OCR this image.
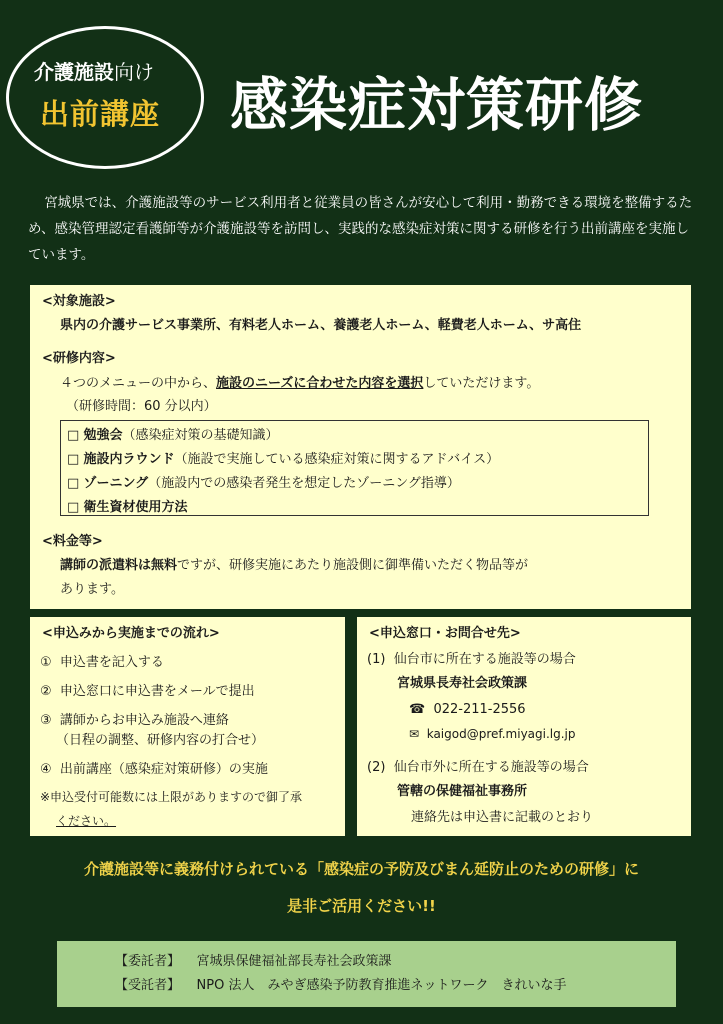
介護施設向け
出前講座 感染症対策研修
宮城県では、介護施設等のサービス利用者と従業員の皆さんが安心して利用・勤務できる環境を整備するため、感染管理認定看護師等が介護施設等を訪問し、実践的な感染症対策に関する研修を行う出前講座を実施しています。
<対象施設>
県内の介護サービス事業所、有料老人ホーム、養護老人ホーム、軽費老人ホーム、サ高住
<研修内容>
４つのメニューの中から、施設のニーズに合わせた内容を選択していただけます。
（研修時間：60 分以内）
□ 勉強会（感染症対策の基礎知識）
□ 施設内ラウンド（施設で実施している感染症対策に関するアドバイス）
□ ゾーニング（施設内での感染者発生を想定したゾーニング指導）
□ 衛生資材使用方法
<料金等>
講師の派遣料は無料ですが、研修実施にあたり施設側に御準備いただく物品等が
あります。
<申込みから実施までの流れ>
① 申込書を記入する
② 申込窓口に申込書をメールで提出
③ 講師からお申込み施設へ連絡
（日程の調整、研修内容の打合せ）
④ 出前講座（感染症対策研修）の実施
※申込受付可能数には上限がありますので御了承
ください。
<申込窓口・お問合せ先>
(1) 仙台市に所在する施設等の場合
宮城県長寿社会政策課
☎ 022-211-2556
✉ kaigod@pref.miyagi.lg.jp
(2) 仙台市外に所在する施設等の場合
管轄の保健福祉事務所
連絡先は申込書に記載のとおり
介護施設等に義務付けられている「感染症の予防及びまん延防止のための研修」に
是非ご活用ください!!
【委託者】 宮城県保健福祉部長寿社会政策課
【受託者】 NPO 法人　みやぎ感染予防教育推進ネットワーク　きれいな手
